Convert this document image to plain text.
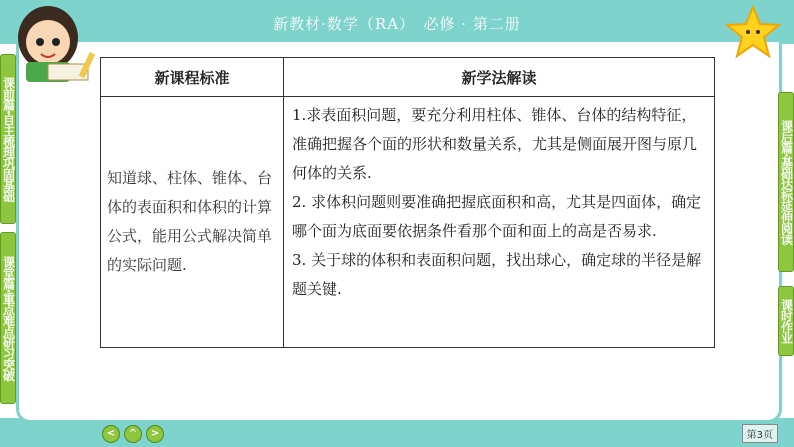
新教材·数学（RA）　必修 · 第二册
课前篇·自主梳理巩固基础
课堂篇·重点难点研习突破
课后篇·基础达标延伸阅读
课时作业
新课程标准	新学法解读
知道球、柱体、锥体、台体的表面积和体积的计算公式，能用公式解决简单的实际问题.	1.求表面积问题，要充分利用柱体、锥体、台体的结构特征，准确把握各个面的形状和数量关系，尤其是侧面展开图与原几何体的关系.

2. 求体积问题则要准确把握底面积和高，尤其是四面体，确定哪个面为底面要依据条件看那个面和面上的高是否易求.

3. 关于球的体积和表面积问题，找出球心，确定球的半径是解题关键.

<	^	>	第3页
